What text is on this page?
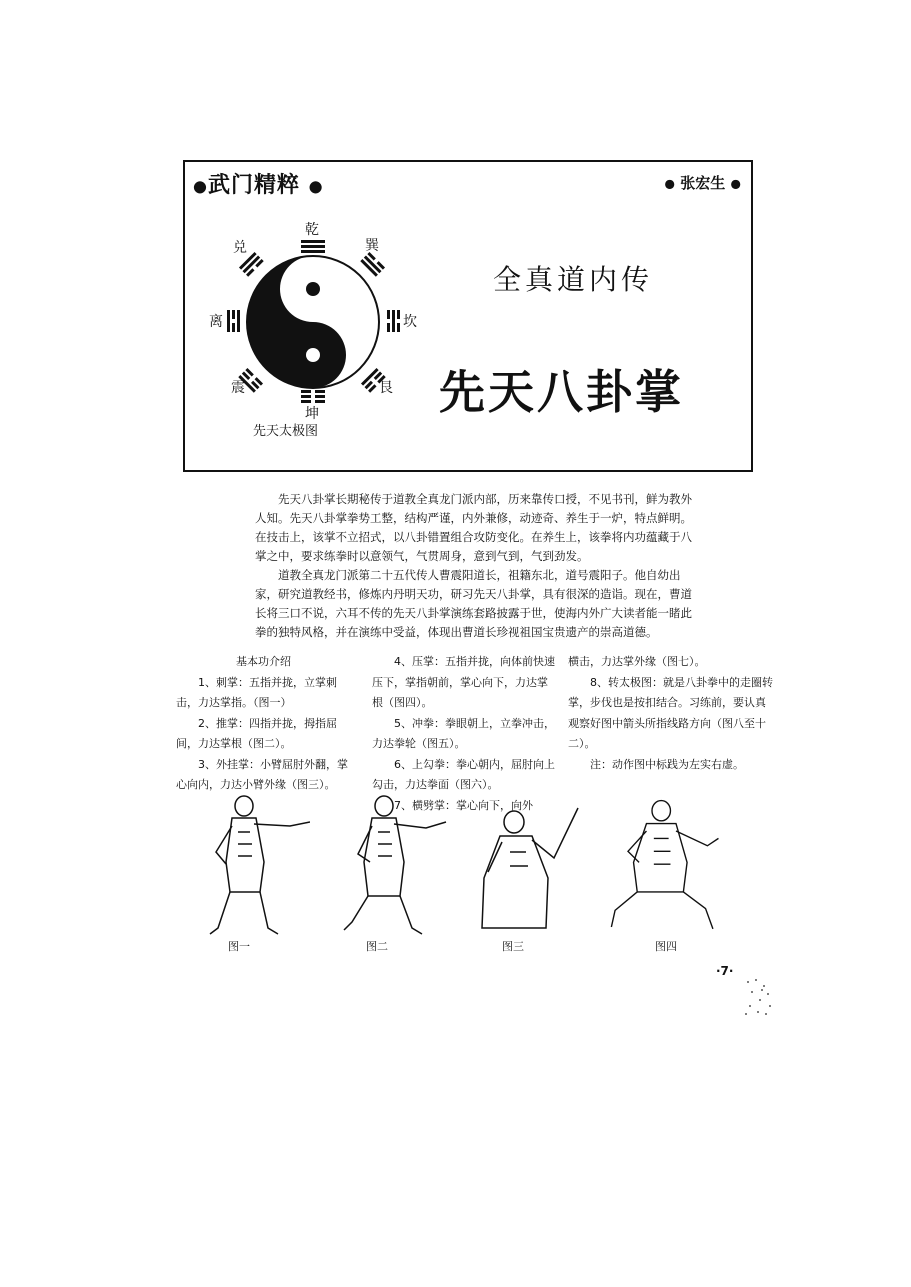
●武门精粹 ●	● 张宏生 ●
乾
巽
坎
艮
坤
震
离
兑
先天太极图
全真道内传
先天八卦掌

先天八卦掌长期秘传于道教全真龙门派内部，历来靠传口授，不见书刊，鲜为教外人知。先天八卦掌拳势工整，结构严谨，内外兼修，动迹奇、养生于一炉，特点鲜明。在技击上，该掌不立招式，以八卦错置组合攻防变化。在养生上，该拳将内功蕴藏于八掌之中，要求练拳时以意领气，气贯周身，意到气到，气到劲发。

道教全真龙门派第二十五代传人曹震阳道长，祖籍东北，道号震阳子。他自幼出家，研究道教经书，修炼内丹明天功，研习先天八卦掌，具有很深的造诣。现在，曹道长将三口不说，六耳不传的先天八卦掌演练套路披露于世，使海内外广大读者能一睹此拳的独特风格，并在演练中受益，体现出曹道长珍视祖国宝贵遗产的崇高道德。

基本功介绍

1、刺掌：五指并拢，立掌刺击，力达掌指。（图一）

2、推掌：四指并拢，拇指屈间，力达掌根（图二）。

3、外挂掌：小臂屈肘外翻，掌心向内，力达小臂外缘（图三）。

4、压掌：五指并拢，向体前快速压下，掌指朝前，掌心向下，力达掌根（图四）。

5、冲拳：拳眼朝上，立拳冲击，力达拳轮（图五）。

6、上勾拳：拳心朝内，屈肘向上勾击，力达拳面（图六）。

7、横劈掌：掌心向下，向外

横击，力达掌外缘（图七）。

8、转太极图：就是八卦拳中的走圈转掌，步伐也是按扣结合。习练前，要认真观察好图中箭头所指线路方向（图八至十二）。

注：动作图中标践为左实右虚。

图一	图二	图三	图四
·7·
